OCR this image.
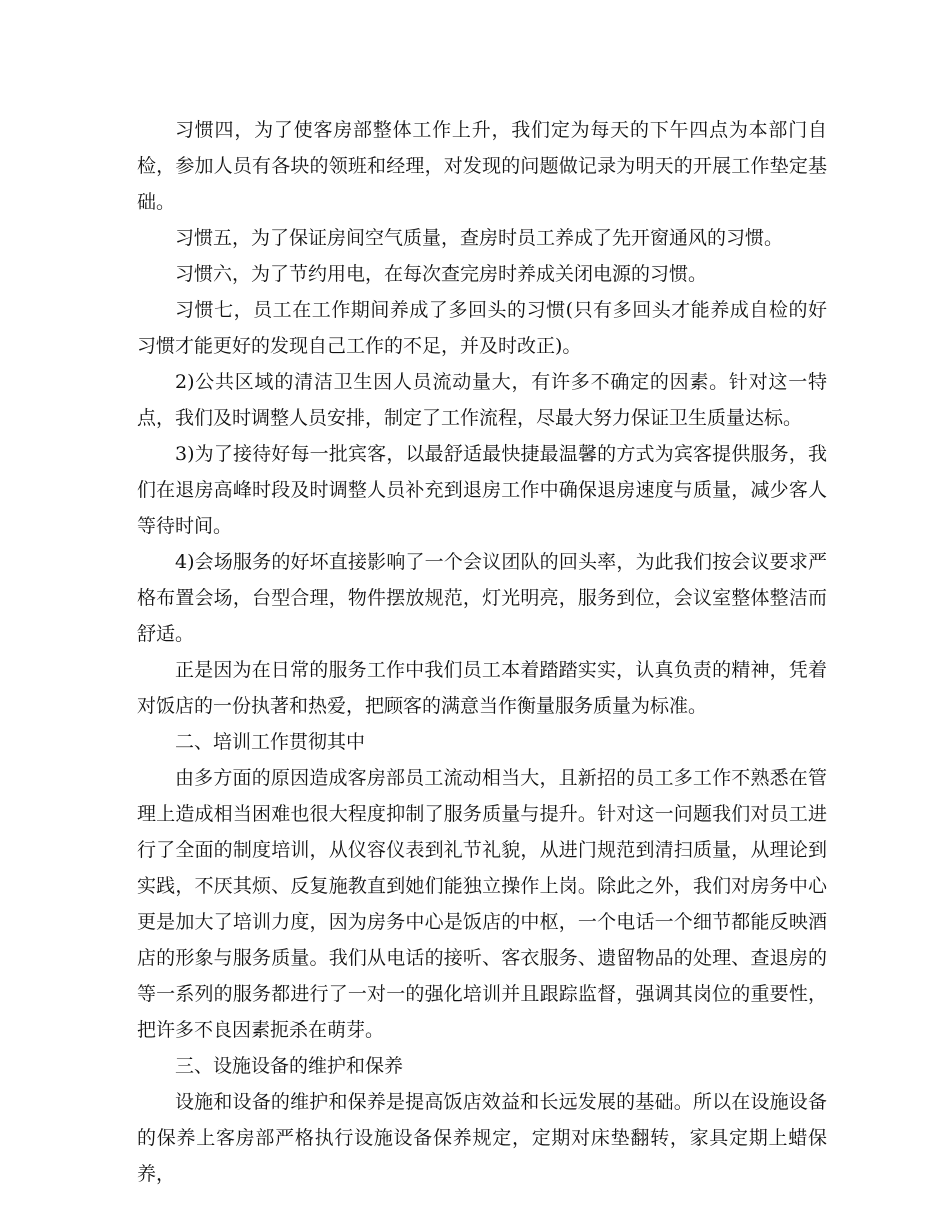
习惯四，为了使客房部整体工作上升，我们定为每天的下午四点为本部门自检，参加人员有各块的领班和经理，对发现的问题做记录为明天的开展工作垫定基础。

习惯五，为了保证房间空气质量，查房时员工养成了先开窗通风的习惯。

习惯六，为了节约用电，在每次查完房时养成关闭电源的习惯。

习惯七，员工在工作期间养成了多回头的习惯(只有多回头才能养成自检的好习惯才能更好的发现自己工作的不足，并及时改正)。

2)公共区域的清洁卫生因人员流动量大，有许多不确定的因素。针对这一特点，我们及时调整人员安排，制定了工作流程，尽最大努力保证卫生质量达标。

3)为了接待好每一批宾客，以最舒适最快捷最温馨的方式为宾客提供服务，我们在退房高峰时段及时调整人员补充到退房工作中确保退房速度与质量，减少客人等待时间。

4)会场服务的好坏直接影响了一个会议团队的回头率，为此我们按会议要求严格布置会场，台型合理，物件摆放规范，灯光明亮，服务到位，会议室整体整洁而舒适。

正是因为在日常的服务工作中我们员工本着踏踏实实，认真负责的精神，凭着对饭店的一份执著和热爱，把顾客的满意当作衡量服务质量为标准。

二、培训工作贯彻其中

由多方面的原因造成客房部员工流动相当大，且新招的员工多工作不熟悉在管理上造成相当困难也很大程度抑制了服务质量与提升。针对这一问题我们对员工进行了全面的制度培训，从仪容仪表到礼节礼貌，从进门规范到清扫质量，从理论到实践，不厌其烦、反复施教直到她们能独立操作上岗。除此之外，我们对房务中心更是加大了培训力度，因为房务中心是饭店的中枢，一个电话一个细节都能反映酒店的形象与服务质量。我们从电话的接听、客衣服务、遗留物品的处理、查退房的等一系列的服务都进行了一对一的强化培训并且跟踪监督，强调其岗位的重要性，把许多不良因素扼杀在萌芽。

三、设施设备的维护和保养

设施和设备的维护和保养是提高饭店效益和长远发展的基础。所以在设施设备的保养上客房部严格执行设施设备保养规定，定期对床垫翻转，家具定期上蜡保养，
